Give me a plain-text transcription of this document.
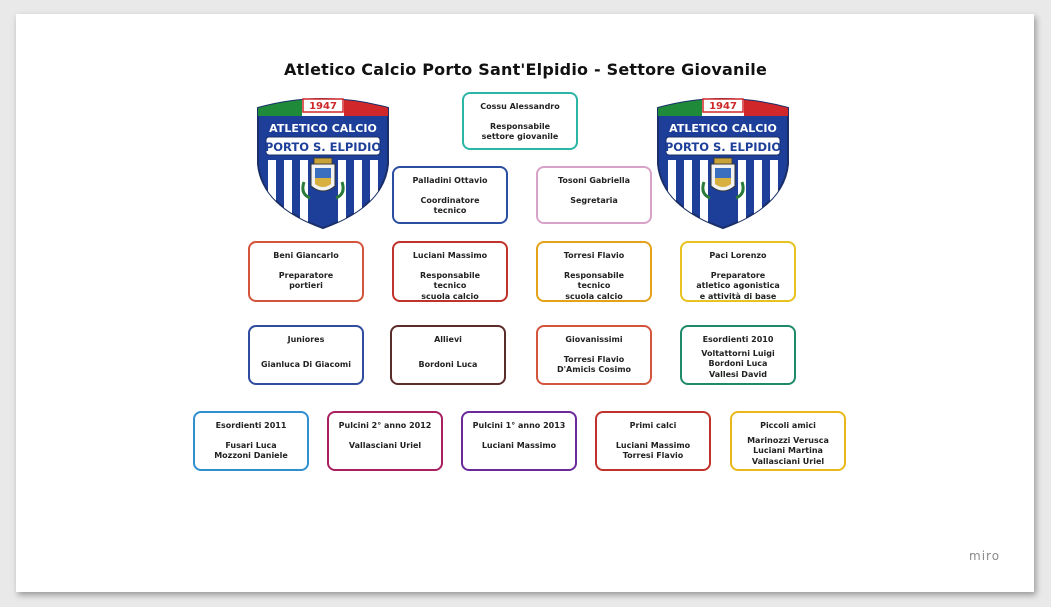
Atletico Calcio Porto Sant'Elpidio - Settore Giovanile
1947
ATLETICO CALCIO
PORTO S. ELPIDIO
1947
ATLETICO CALCIO
PORTO S. ELPIDIO
Cossu Alessandro
Responsabile
settore giovanile
Palladini Ottavio
Coordinatore
tecnico
Tosoni Gabriella
Segretaria
Beni Giancarlo
Preparatore
portieri
Luciani Massimo
Responsabile
tecnico
scuola calcio
Torresi Flavio
Responsabile
tecnico
scuola calcio
Paci Lorenzo
Preparatore
atletico agonistica
e attività di base
Juniores
Gianluca Di Giacomi
Allievi
Bordoni Luca
Giovanissimi
Torresi Flavio
D'Amicis Cosimo
Esordienti 2010
Voltattorni Luigi
Bordoni Luca
Vallesi David
Esordienti 2011
Fusari Luca
Mozzoni Daniele
Pulcini 2° anno 2012
Vallasciani Uriel
Pulcini 1° anno 2013
Luciani Massimo
Primi calci
Luciani Massimo
Torresi Flavio
Piccoli amici
Marinozzi Verusca
Luciani Martina
Vallasciani Uriel
miro
